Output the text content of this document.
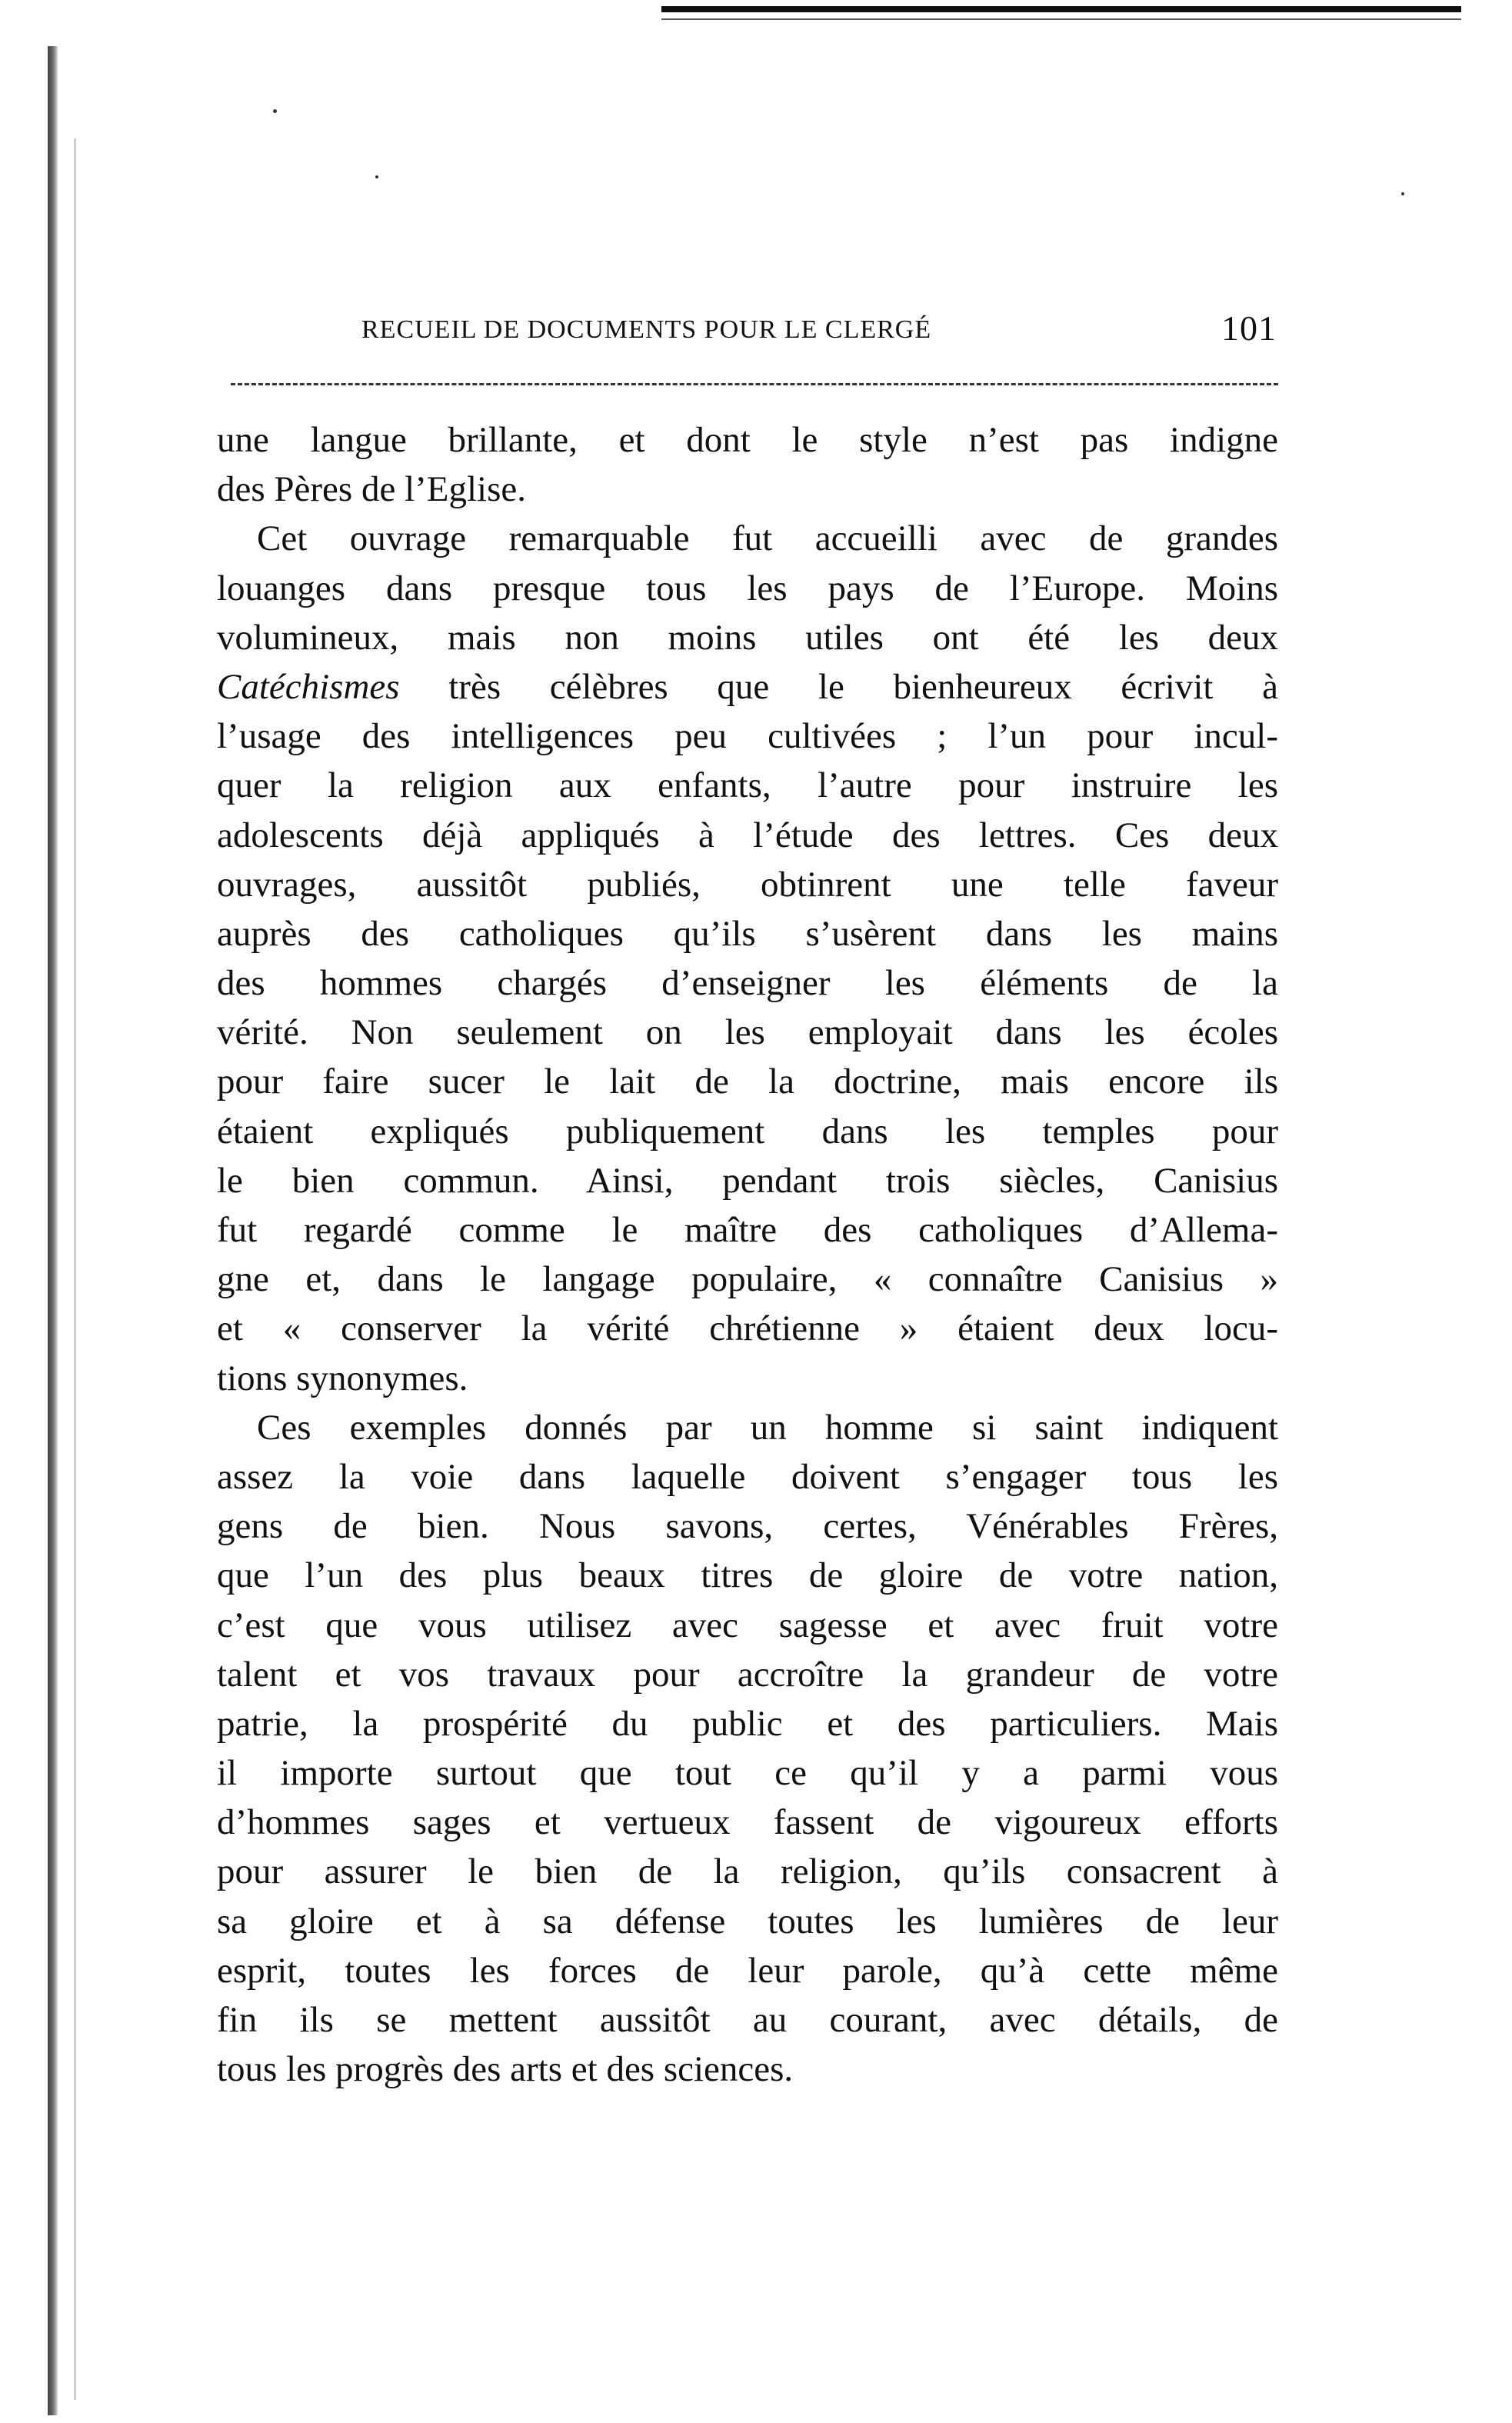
RECUEIL DE DOCUMENTS POUR LE CLERGÉ	101
une langue brillante, et dont le style n’est pas indigne
des Pères de l’Eglise.
Cet ouvrage remarquable fut accueilli avec de grandes
louanges dans presque tous les pays de l’Europe. Moins
volumineux, mais non moins utiles ont été les deux
Catéchismes très célèbres que le bienheureux écrivit à
l’usage des intelligences peu cultivées ; l’un pour incul-
quer la religion aux enfants, l’autre pour instruire les
adolescents déjà appliqués à l’étude des lettres. Ces deux
ouvrages, aussitôt publiés, obtinrent une telle faveur
auprès des catholiques qu’ils s’usèrent dans les mains
des hommes chargés d’enseigner les éléments de la
vérité. Non seulement on les employait dans les écoles
pour faire sucer le lait de la doctrine, mais encore ils
étaient expliqués publiquement dans les temples pour
le bien commun. Ainsi, pendant trois siècles, Canisius
fut regardé comme le maître des catholiques d’Allema-
gne et, dans le langage populaire, « connaître Canisius »
et « conserver la vérité chrétienne » étaient deux locu-
tions synonymes.
Ces exemples donnés par un homme si saint indiquent
assez la voie dans laquelle doivent s’engager tous les
gens de bien. Nous savons, certes, Vénérables Frères,
que l’un des plus beaux titres de gloire de votre nation,
c’est que vous utilisez avec sagesse et avec fruit votre
talent et vos travaux pour accroître la grandeur de votre
patrie, la prospérité du public et des particuliers. Mais
il importe surtout que tout ce qu’il y a parmi vous
d’hommes sages et vertueux fassent de vigoureux efforts
pour assurer le bien de la religion, qu’ils consacrent à
sa gloire et à sa défense toutes les lumières de leur
esprit, toutes les forces de leur parole, qu’à cette même
fin ils se mettent aussitôt au courant, avec détails, de
tous les progrès des arts et des sciences.
